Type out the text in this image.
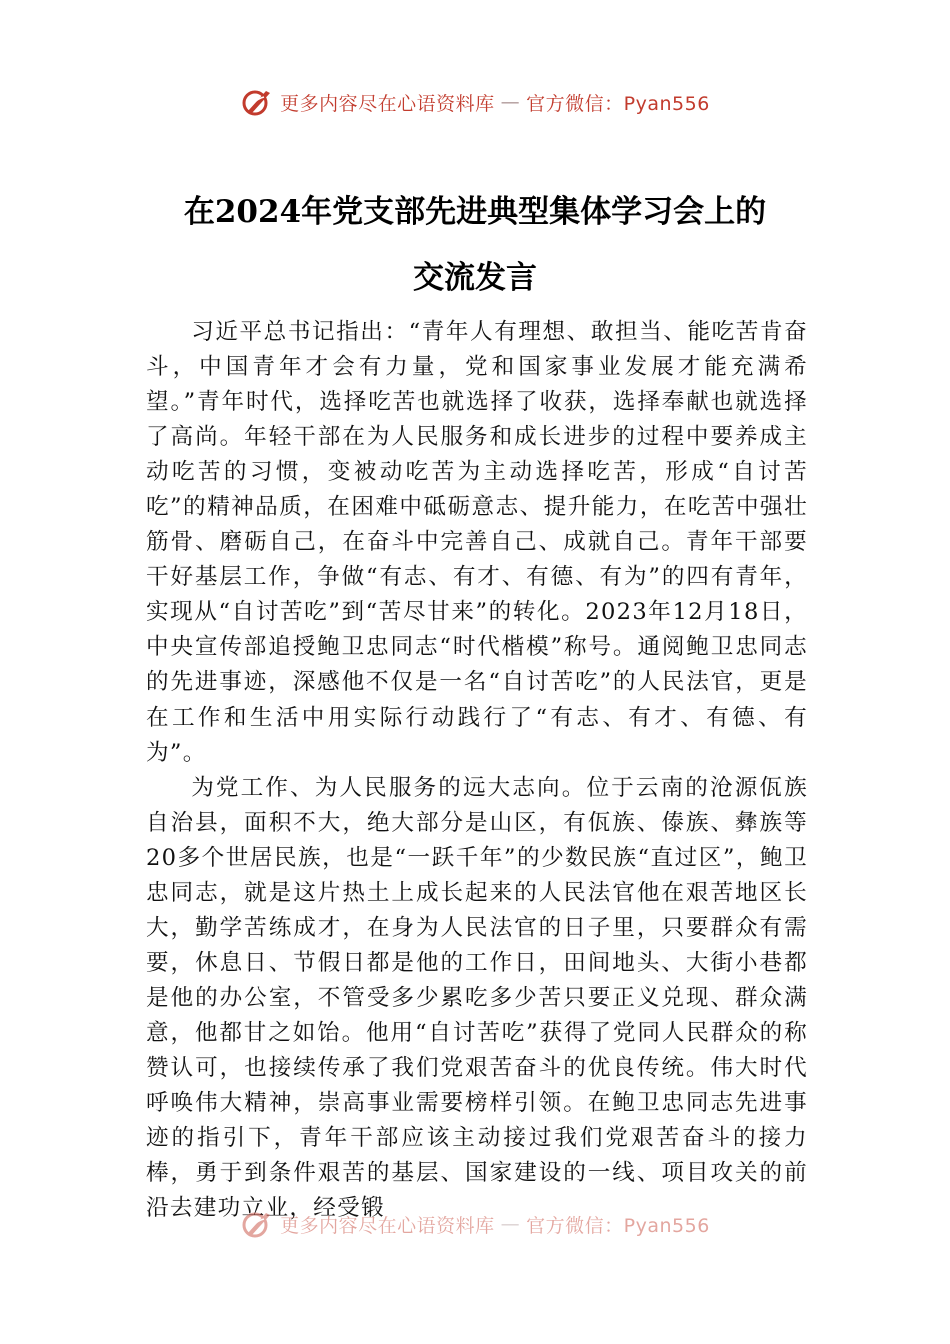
更多内容尽在心语资料库 — 官方微信：Pyan556
在2024年党支部先进典型集体学习会上的
交流发言

习近平总书记指出：“青年人有理想、敢担当、能吃苦肯奋斗，中国青年才会有力量，党和国家事业发展才能充满希望。”青年时代，选择吃苦也就选择了收获，选择奉献也就选择了高尚。年轻干部在为人民服务和成长进步的过程中要养成主动吃苦的习惯，变被动吃苦为主动选择吃苦，形成“自讨苦吃”的精神品质，在困难中砥砺意志、提升能力，在吃苦中强壮筋骨、磨砺自己，在奋斗中完善自己、成就自己。青年干部要干好基层工作，争做“有志、有才、有德、有为”的四有青年，实现从“自讨苦吃”到“苦尽甘来”的转化。2023年12月18日，中央宣传部追授鲍卫忠同志“时代楷模”称号。通阅鲍卫忠同志的先进事迹，深感他不仅是一名“自讨苦吃”的人民法官，更是在工作和生活中用实际行动践行了“有志、有才、有德、有为”。

为党工作、为人民服务的远大志向。位于云南的沧源佤族自治县，面积不大，绝大部分是山区，有佤族、傣族、彝族等20多个世居民族，也是“一跃千年”的少数民族“直过区”，鲍卫忠同志，就是这片热土上成长起来的人民法官他在艰苦地区长大，勤学苦练成才，在身为人民法官的日子里，只要群众有需要，休息日、节假日都是他的工作日，田间地头、大街小巷都是他的办公室，不管受多少累吃多少苦只要正义兑现、群众满意，他都甘之如饴。他用“自讨苦吃”获得了党同人民群众的称赞认可，也接续传承了我们党艰苦奋斗的优良传统。伟大时代呼唤伟大精神，崇高事业需要榜样引领。在鲍卫忠同志先进事迹的指引下，青年干部应该主动接过我们党艰苦奋斗的接力棒，勇于到条件艰苦的基层、国家建设的一线、项目攻关的前沿去建功立业，经受锻

更多内容尽在心语资料库 — 官方微信：Pyan556
